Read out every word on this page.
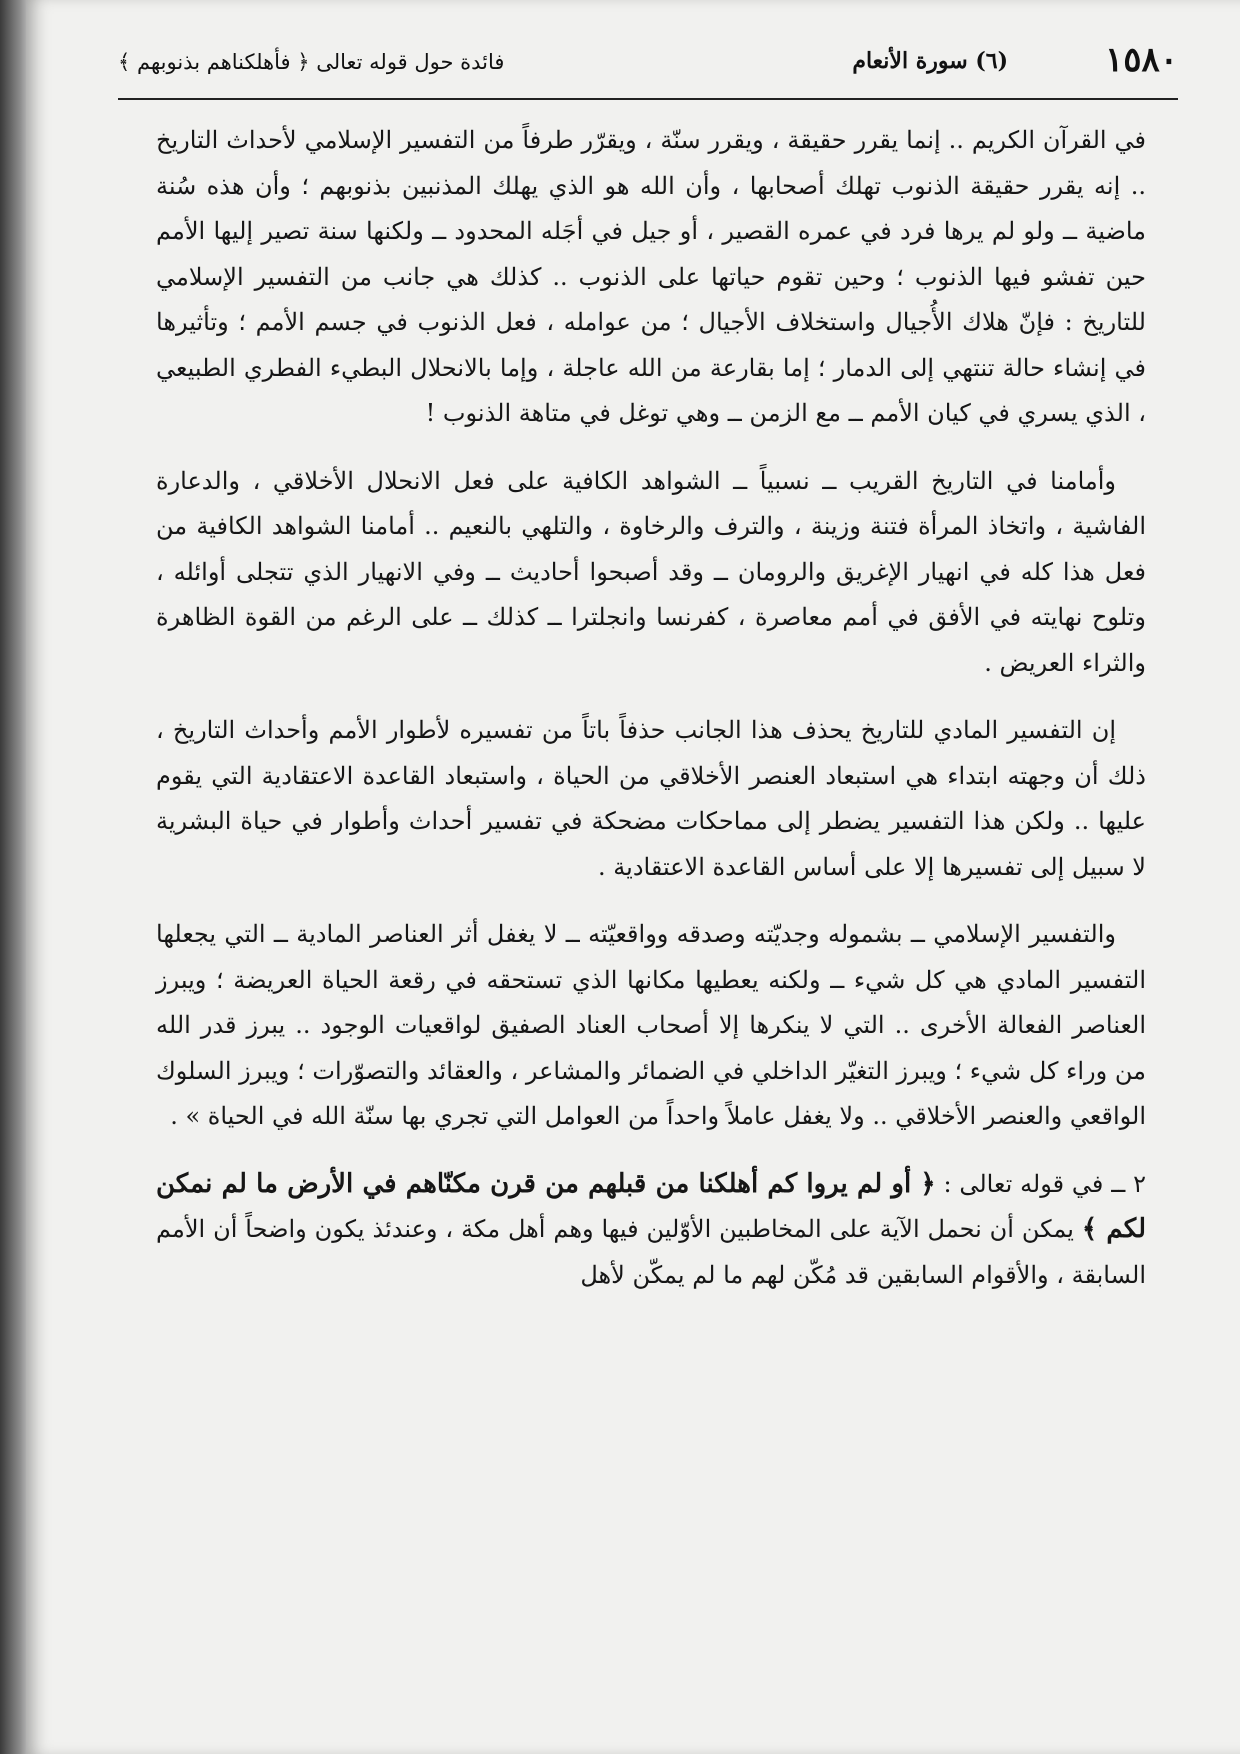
١٥٨٠
(٦) سورة الأنعام
فائدة حول قوله تعالى ﴿ فأهلكناهم بذنوبهم ﴾

في القرآن الكريم .. إنما يقرر حقيقة ، ويقرر سنّة ، ويقرّر طرفاً من التفسير الإسلامي لأحداث التاريخ .. إنه يقرر حقيقة الذنوب تهلك أصحابها ، وأن الله هو الذي يهلك المذنبين بذنوبهم ؛ وأن هذه سُنة ماضية ــ ولو لم يرها فرد في عمره القصير ، أو جيل في أجَله المحدود ــ ولكنها سنة تصير إليها الأمم حين تفشو فيها الذنوب ؛ وحين تقوم حياتها على الذنوب .. كذلك هي جانب من التفسير الإسلامي للتاريخ : فإنّ هلاك الأُجيال واستخلاف الأجيال ؛ من عوامله ، فعل الذنوب في جسم الأمم ؛ وتأثيرها في إنشاء حالة تنتهي إلى الدمار ؛ إما بقارعة من الله عاجلة ، وإما بالانحلال البطيء الفطري الطبيعي ، الذي يسري في كيان الأمم ــ مع الزمن ــ وهي توغل في متاهة الذنوب !

وأمامنا في التاريخ القريب ــ نسبياً ــ الشواهد الكافية على فعل الانحلال الأخلاقي ، والدعارة الفاشية ، واتخاذ المرأة فتنة وزينة ، والترف والرخاوة ، والتلهي بالنعيم .. أمامنا الشواهد الكافية من فعل هذا كله في انهيار الإغريق والرومان ــ وقد أصبحوا أحاديث ــ وفي الانهيار الذي تتجلى أوائله ، وتلوح نهايته في الأفق في أمم معاصرة ، كفرنسا وانجلترا ــ كذلك ــ على الرغم من القوة الظاهرة والثراء العريض .

إن التفسير المادي للتاريخ يحذف هذا الجانب حذفاً باتاً من تفسيره لأطوار الأمم وأحداث التاريخ ، ذلك أن وجهته ابتداء هي استبعاد العنصر الأخلاقي من الحياة ، واستبعاد القاعدة الاعتقادية التي يقوم عليها .. ولكن هذا التفسير يضطر إلى مماحكات مضحكة في تفسير أحداث وأطوار في حياة البشرية لا سبيل إلى تفسيرها إلا على أساس القاعدة الاعتقادية .

والتفسير الإسلامي ــ بشموله وجديّته وصدقه وواقعيّته ــ لا يغفل أثر العناصر المادية ــ التي يجعلها التفسير المادي هي كل شيء ــ ولكنه يعطيها مكانها الذي تستحقه في رقعة الحياة العريضة ؛ ويبرز العناصر الفعالة الأخرى .. التي لا ينكرها إلا أصحاب العناد الصفيق لواقعيات الوجود .. يبرز قدر الله من وراء كل شيء ؛ ويبرز التغيّر الداخلي في الضمائر والمشاعر ، والعقائد والتصوّرات ؛ ويبرز السلوك الواقعي والعنصر الأخلاقي .. ولا يغفل عاملاً واحداً من العوامل التي تجري بها سنّة الله في الحياة » .

٢ ــ في قوله تعالى : ﴿ أو لم يروا كم أهلكنا من قبلهم من قرن مكنّاهم في الأرض ما لم نمكن لكم ﴾ يمكن أن نحمل الآية على المخاطبين الأوّلين فيها وهم أهل مكة ، وعندئذ يكون واضحاً أن الأمم السابقة ، والأقوام السابقين قد مُكّن لهم ما لم يمكّن لأهل
